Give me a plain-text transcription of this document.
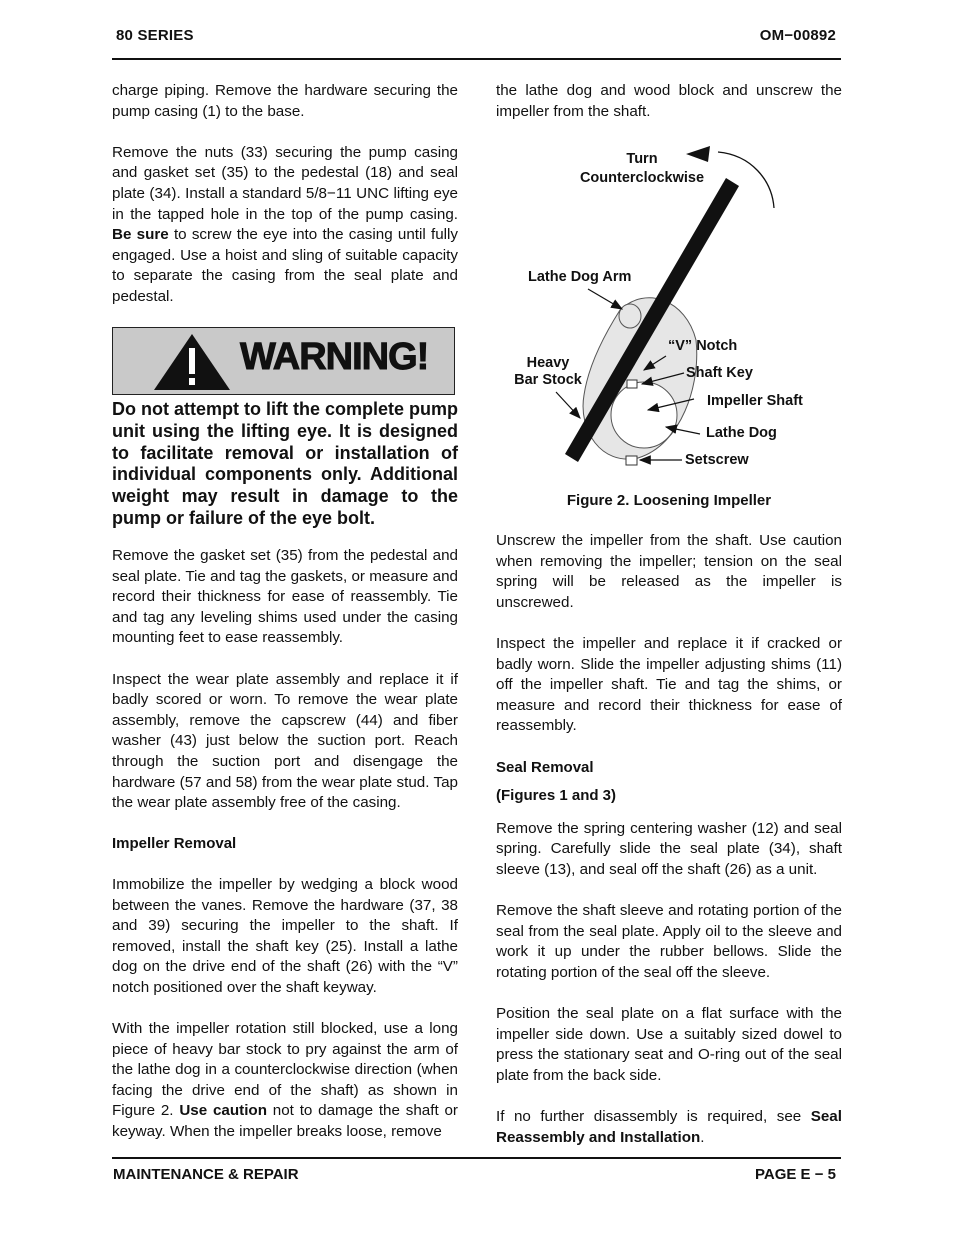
80 SERIES	OM−00892

charge piping. Remove the hardware securing the pump casing (1) to the base.

Remove the nuts (33) securing the pump casing and gasket set (35) to the pedestal (18) and seal plate (34). Install a standard 5/8−11 UNC lifting eye in the tapped hole in the top of the pump casing. Be sure to screw the eye into the casing until fully engaged. Use a hoist and sling of suitable capacity to separate the casing from the seal plate and pedestal.

WARNING!
Do not attempt to lift the complete pump unit using the lifting eye. It is designed to facilitate removal or installation of individual components only. Additional weight may result in damage to the pump or failure of the eye bolt.

Remove the gasket set (35) from the pedestal and seal plate. Tie and tag the gaskets, or measure and record their thickness for ease of reassembly. Tie and tag any leveling shims used under the casing mounting feet to ease reassembly.

Inspect the wear plate assembly and replace it if badly scored or worn. To remove the wear plate assembly, remove the capscrew (44) and fiber washer (43) just below the suction port. Reach through the suction port and disengage the hardware (57 and 58) from the wear plate stud. Tap the wear plate assembly free of the casing.

Impeller Removal

Immobilize the impeller by wedging a block wood between the vanes. Remove the hardware (37, 38 and 39) securing the impeller to the shaft. If removed, install the shaft key (25). Install a lathe dog on the drive end of the shaft (26) with the “V” notch positioned over the shaft keyway.

With the impeller rotation still blocked, use a long piece of heavy bar stock to pry against the arm of the lathe dog in a counterclockwise direction (when facing the drive end of the shaft) as shown in Figure 2. Use caution not to damage the shaft or keyway. When the impeller breaks loose, remove

the lathe dog and wood block and unscrew the impeller from the shaft.

Turn
Counterclockwise
Lathe Dog Arm
Heavy
Bar Stock
“V” Notch
Shaft Key
Impeller Shaft
Lathe Dog
Setscrew
Figure 2. Loosening Impeller

Unscrew the impeller from the shaft. Use caution when removing the impeller; tension on the seal spring will be released as the impeller is unscrewed.

Inspect the impeller and replace it if cracked or badly worn. Slide the impeller adjusting shims (11) off the impeller shaft. Tie and tag the shims, or measure and record their thickness for ease of reassembly.

Seal Removal
(Figures 1 and 3)

Remove the spring centering washer (12) and seal spring. Carefully slide the seal plate (34), shaft sleeve (13), and seal off the shaft (26) as a unit.

Remove the shaft sleeve and rotating portion of the seal from the seal plate. Apply oil to the sleeve and work it up under the rubber bellows. Slide the rotating portion of the seal off the sleeve.

Position the seal plate on a flat surface with the impeller side down. Use a suitably sized dowel to press the stationary seat and O-ring out of the seal plate from the back side.

If no further disassembly is required, see Seal Reassembly and Installation.

MAINTENANCE & REPAIR	PAGE E − 5
